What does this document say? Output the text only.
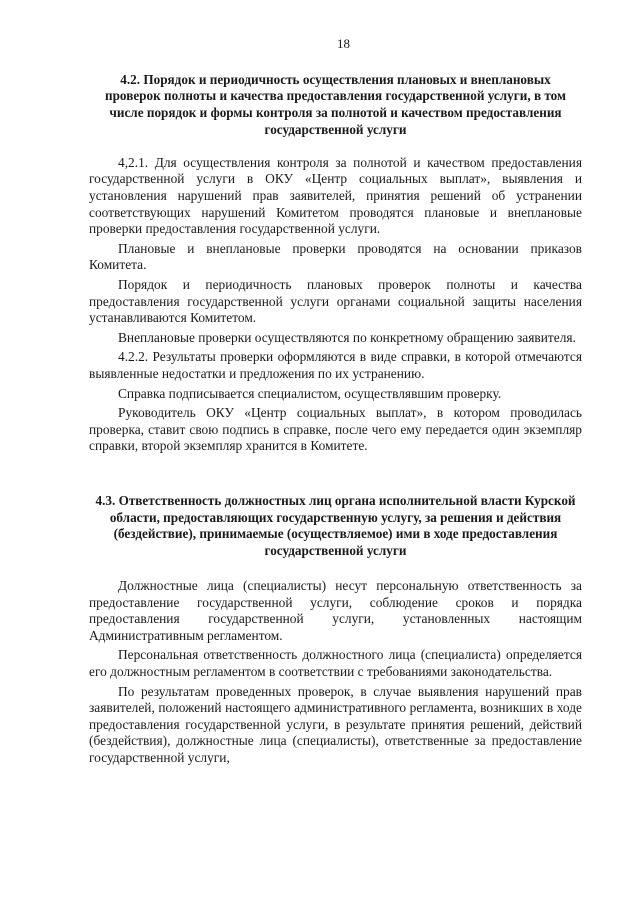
18
4.2. Порядок и периодичность осуществления плановых и внеплановых проверок полноты и качества предоставления государственной услуги, в том числе порядок и формы контроля за полнотой и качеством предоставления государственной услуги

4,2.1. Для осуществления контроля за полнотой и качеством предоставления государственной услуги в ОКУ «Центр социальных выплат», выявления и установления нарушений прав заявителей, принятия решений об устранении соответствующих нарушений Комитетом проводятся плановые и внеплановые проверки предоставления государственной услуги.

Плановые и внеплановые проверки проводятся на основании приказов Комитета.

Порядок и периодичность плановых проверок полноты и качества предоставления государственной услуги органами социальной защиты населения устанавливаются Комитетом.

Внеплановые проверки осуществляются по конкретному обращению заявителя.

4.2.2. Результаты проверки оформляются в виде справки, в которой отмечаются выявленные недостатки и предложения по их устранению.

Справка подписывается специалистом, осуществлявшим проверку.

Руководитель ОКУ «Центр социальных выплат», в котором проводилась проверка, ставит свою подпись в справке, после чего ему передается один экземпляр справки, второй экземпляр хранится в Комитете.

4.3. Ответственность должностных лиц органа исполнительной власти Курской области, предоставляющих государственную услугу, за решения и действия (бездействие), принимаемые (осуществляемое) ими в ходе предоставления государственной услуги

Должностные лица (специалисты) несут персональную ответственность за предоставление государственной услуги, соблюдение сроков и порядка предоставления государственной услуги, установленных настоящим Административным регламентом.

Персональная ответственность должностного лица (специалиста) определяется его должностным регламентом в соответствии с требованиями законодательства.

По результатам проведенных проверок, в случае выявления нарушений прав заявителей, положений настоящего административного регламента, возникших в ходе предоставления государственной услуги, в результате принятия решений, действий (бездействия), должностные лица (специалисты), ответственные за предоставление государственной услуги,
